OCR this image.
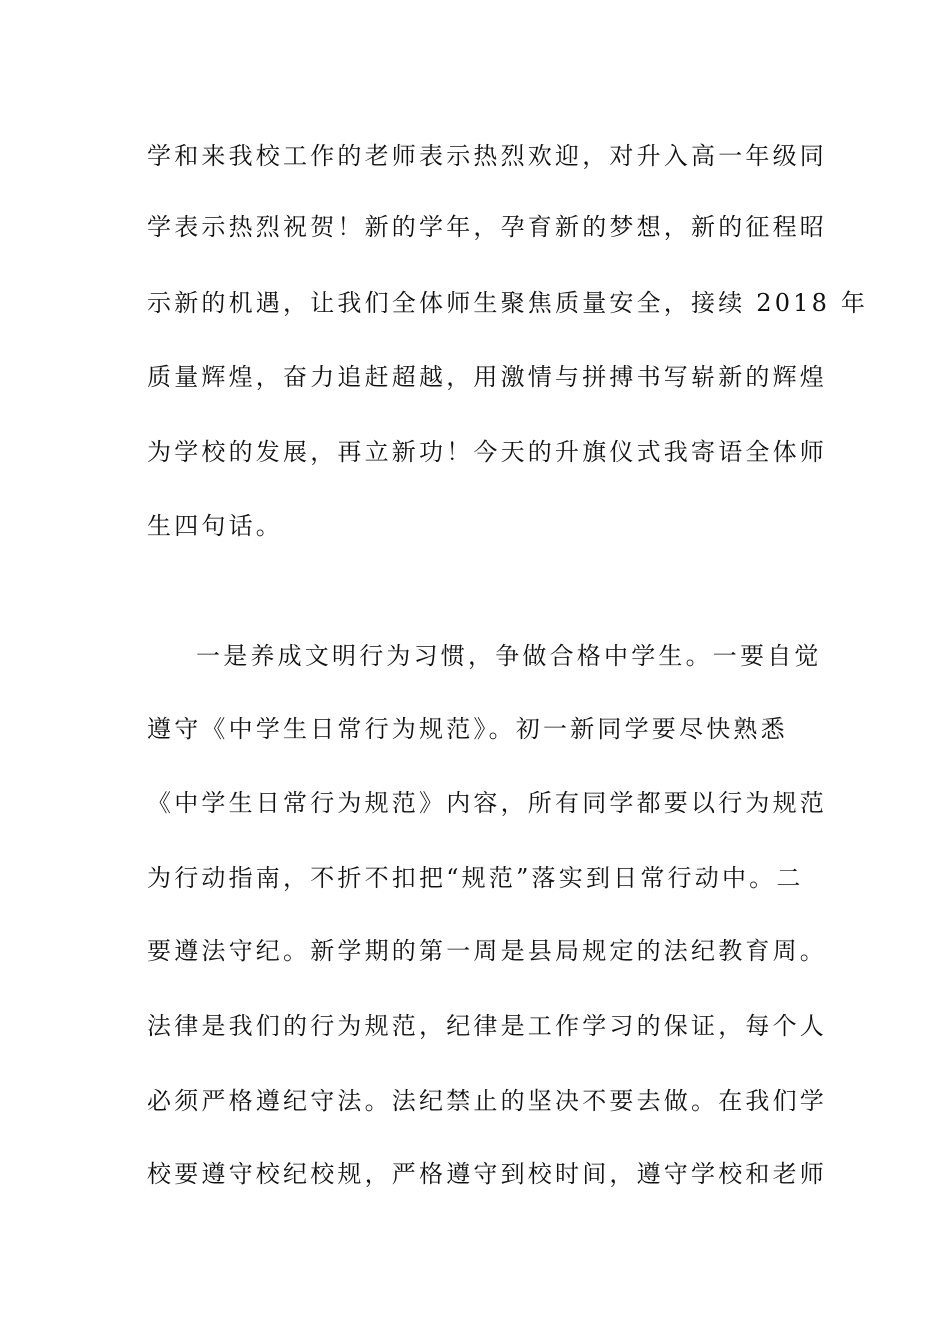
学和来我校工作的老师表示热烈欢迎，对升入高一年级同
学表示热烈祝贺！新的学年，孕育新的梦想，新的征程昭
示新的机遇，让我们全体师生聚焦质量安全，接续 2018 年
质量辉煌，奋力追赶超越，用激情与拼搏书写崭新的辉煌
为学校的发展，再立新功！今天的升旗仪式我寄语全体师
生四句话。
一是养成文明行为习惯，争做合格中学生。一要自觉
遵守《中学生日常行为规范》。初一新同学要尽快熟悉
《中学生日常行为规范》内容，所有同学都要以行为规范
为行动指南，不折不扣把“规范”落实到日常行动中。二
要遵法守纪。新学期的第一周是县局规定的法纪教育周。
法律是我们的行为规范，纪律是工作学习的保证，每个人
必须严格遵纪守法。法纪禁止的坚决不要去做。在我们学
校要遵守校纪校规，严格遵守到校时间，遵守学校和老师
